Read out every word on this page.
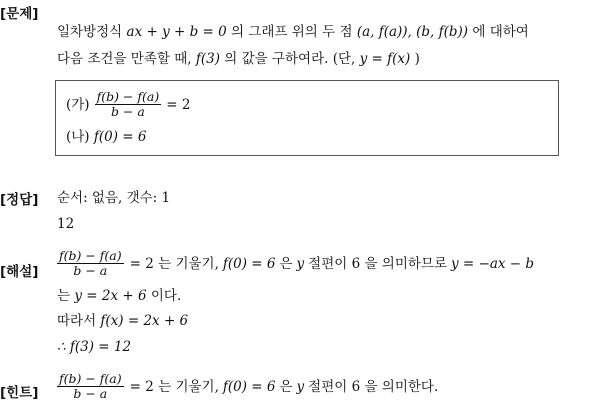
[문제]
일차방정식 ax + y + b = 0 의 그래프 위의 두 점 (a, f(a)), (b, f(b)) 에 대하여
다음 조건을 만족할 때, f(3) 의 값을 구하여라. (단, y = f(x) )
(가) $\frac{f(b) - f(a)}{b - a} = 2$
(나) f(0) = 6
[정답] 순서: 없음, 갯수: 1
12
[해설] $\frac{f(b) - f(a)}{b - a} = 2$ 는 기울기, f(0) = 6 은 y 절편이 6 을 의미하므로 y = −ax − b
는 y = 2x + 6 이다.
따라서 f(x) = 2x + 6
∴ f(3) = 12
[힌트] $\frac{f(b) - f(a)}{b - a} = 2$ 는 기울기, f(0) = 6 은 y 절편이 6 을 의미한다.
